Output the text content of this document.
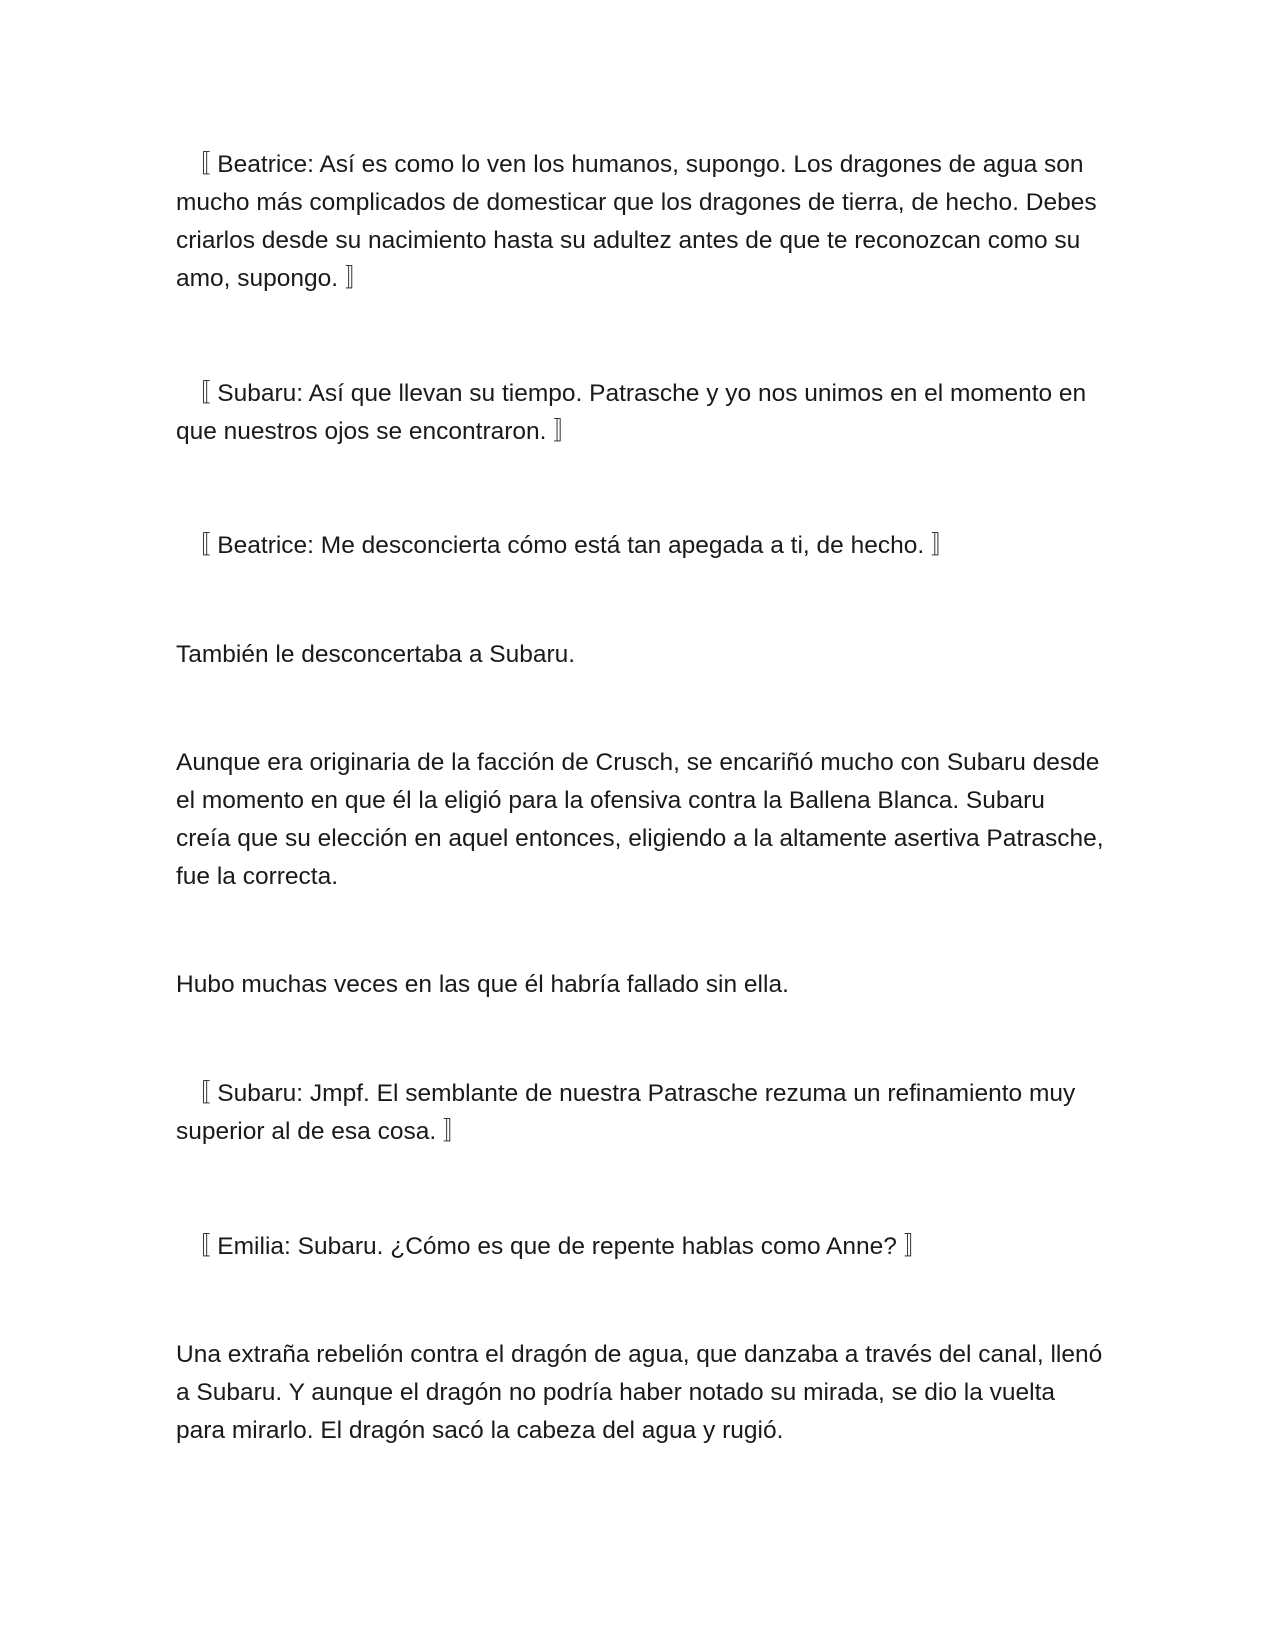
〚 Beatrice: Así es como lo ven los humanos, supongo. Los dragones de agua son mucho más complicados de domesticar que los dragones de tierra, de hecho. Debes criarlos desde su nacimiento hasta su adultez antes de que te reconozcan como su amo, supongo. 〛

〚 Subaru: Así que llevan su tiempo. Patrasche y yo nos unimos en el momento en que nuestros ojos se encontraron. 〛

〚 Beatrice: Me desconcierta cómo está tan apegada a ti, de hecho. 〛

También le desconcertaba a Subaru.

Aunque era originaria de la facción de Crusch, se encariñó mucho con Subaru desde el momento en que él la eligió para la ofensiva contra la Ballena Blanca. Subaru creía que su elección en aquel entonces, eligiendo a la altamente asertiva Patrasche, fue la correcta.

Hubo muchas veces en las que él habría fallado sin ella.

〚 Subaru: Jmpf. El semblante de nuestra Patrasche rezuma un refinamiento muy superior al de esa cosa. 〛

〚 Emilia: Subaru. ¿Cómo es que de repente hablas como Anne? 〛

Una extraña rebelión contra el dragón de agua, que danzaba a través del canal, llenó a Subaru. Y aunque el dragón no podría haber notado su mirada, se dio la vuelta para mirarlo. El dragón sacó la cabeza del agua y rugió.
